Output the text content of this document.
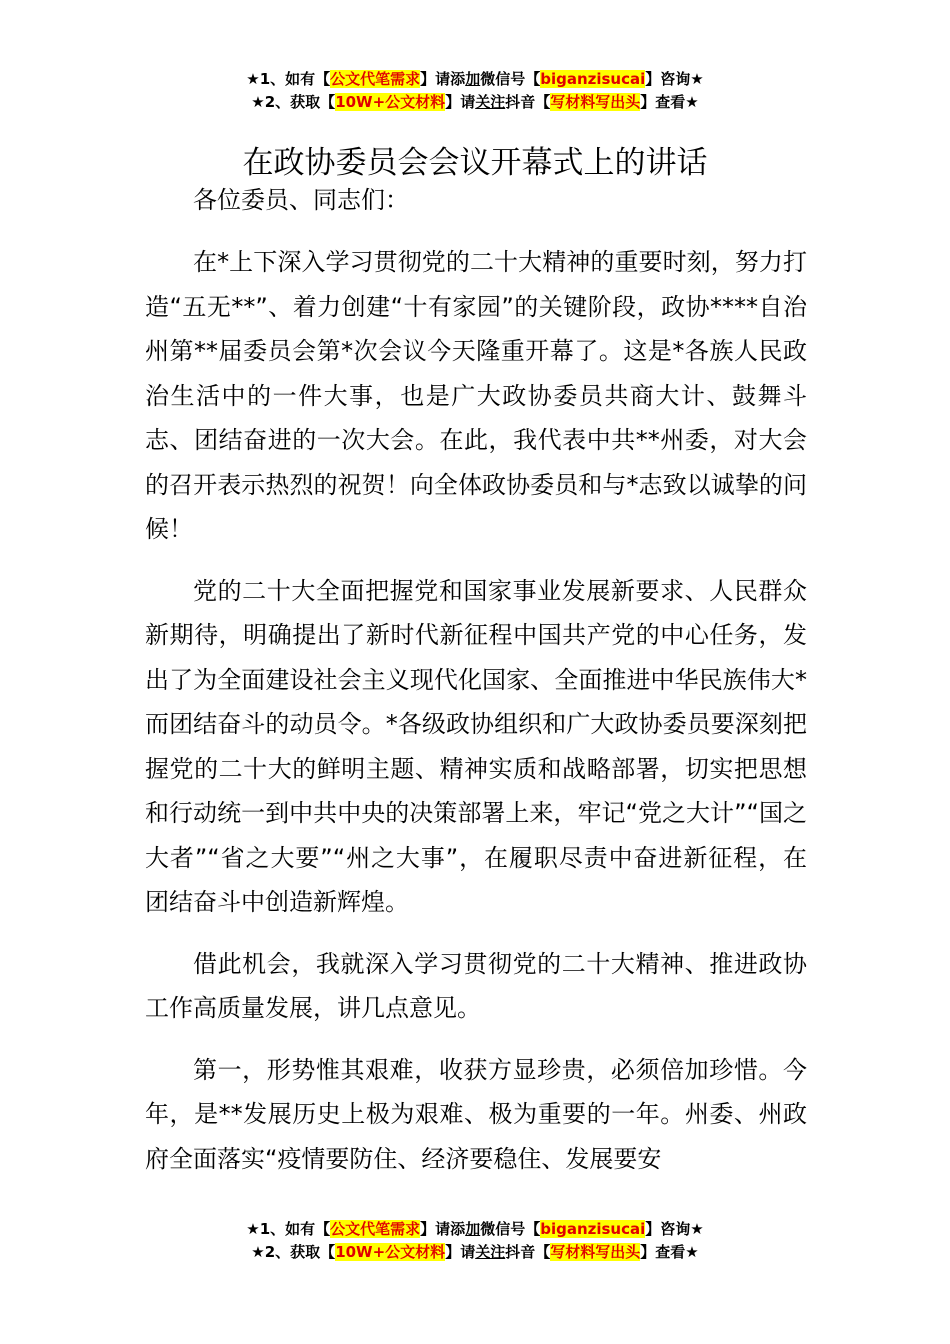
★1、如有【公文代笔需求】请添加微信号【biganzisucai】咨询★
★2、获取【10W+公文材料】请关注抖音【写材料写出头】查看★
在政协委员会会议开幕式上的讲话

各位委员、同志们：

在*上下深入学习贯彻党的二十大精神的重要时刻，努力打造“五无**”、着力创建“十有家园”的关键阶段，政协****自治州第**届委员会第*次会议今天隆重开幕了。这是*各族人民政治生活中的一件大事，也是广大政协委员共商大计、鼓舞斗志、团结奋进的一次大会。在此，我代表中共**州委，对大会的召开表示热烈的祝贺！向全体政协委员和与*志致以诚挚的问候！

党的二十大全面把握党和国家事业发展新要求、人民群众新期待，明确提出了新时代新征程中国共产党的中心任务，发出了为全面建设社会主义现代化国家、全面推进中华民族伟大*而团结奋斗的动员令。*各级政协组织和广大政协委员要深刻把握党的二十大的鲜明主题、精神实质和战略部署，切实把思想和行动统一到中共中央的决策部署上来，牢记“党之大计”“国之大者”“省之大要”“州之大事”，在履职尽责中奋进新征程，在团结奋斗中创造新辉煌。

借此机会，我就深入学习贯彻党的二十大精神、推进政协工作高质量发展，讲几点意见。

第一，形势惟其艰难，收获方显珍贵，必须倍加珍惜。今年，是**发展历史上极为艰难、极为重要的一年。州委、州政府全面落实“疫情要防住、经济要稳住、发展要安

★1、如有【公文代笔需求】请添加微信号【biganzisucai】咨询★
★2、获取【10W+公文材料】请关注抖音【写材料写出头】查看★
